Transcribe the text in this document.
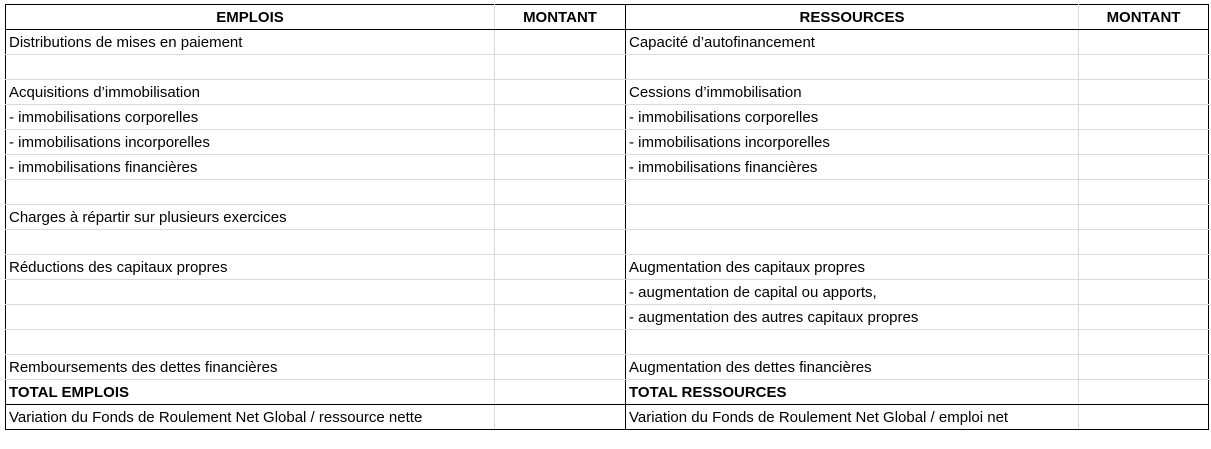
EMPLOIS	MONTANT	RESSOURCES	MONTANT
Distributions de mises en paiement		Capacité d’autofinancement	

Acquisitions d’immobilisation		Cessions d’immobilisation	
- immobilisations corporelles		- immobilisations corporelles	
- immobilisations incorporelles		- immobilisations incorporelles	
- immobilisations financières		- immobilisations financières	

Charges à répartir sur plusieurs exercices			

Réductions des capitaux propres		Augmentation des capitaux propres	
		- augmentation de capital ou apports,	
		- augmentation des autres capitaux propres	

Remboursements des dettes financières		Augmentation des dettes financières	
TOTAL EMPLOIS		TOTAL RESSOURCES	
Variation du Fonds de Roulement Net Global / ressource nette		Variation du Fonds de Roulement Net Global / emploi net	
